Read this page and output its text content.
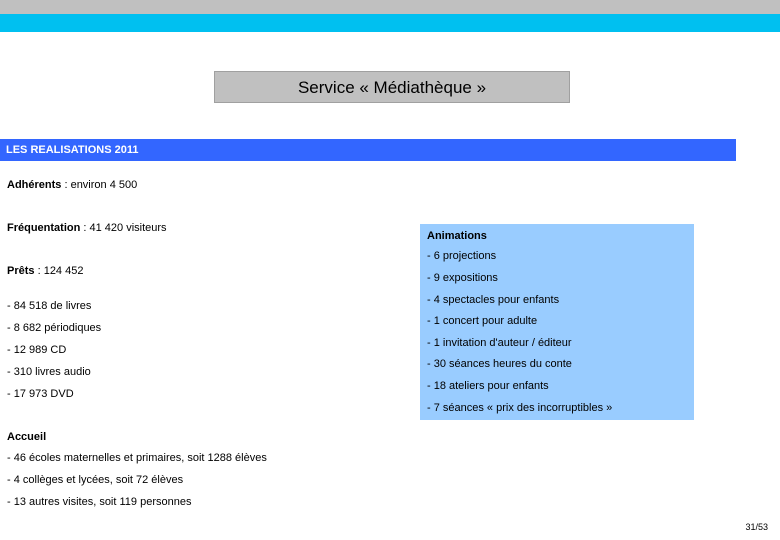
Service « Médiathèque »
LES REALISATIONS 2011
Adhérents : environ 4 500
Fréquentation : 41 420 visiteurs
Prêts : 124 452
- 84 518 de livres
- 8 682 périodiques
- 12 989 CD
- 310 livres audio
- 17 973 DVD
Animations
- 6 projections
- 9 expositions
- 4 spectacles pour enfants
- 1 concert pour adulte
- 1 invitation d'auteur / éditeur
- 30 séances heures du conte
- 18 ateliers pour enfants
- 7 séances « prix des incorruptibles »
Accueil
- 46 écoles maternelles et primaires, soit 1288 élèves
- 4 collèges et lycées, soit 72 élèves
- 13 autres visites, soit 119 personnes
31/53
